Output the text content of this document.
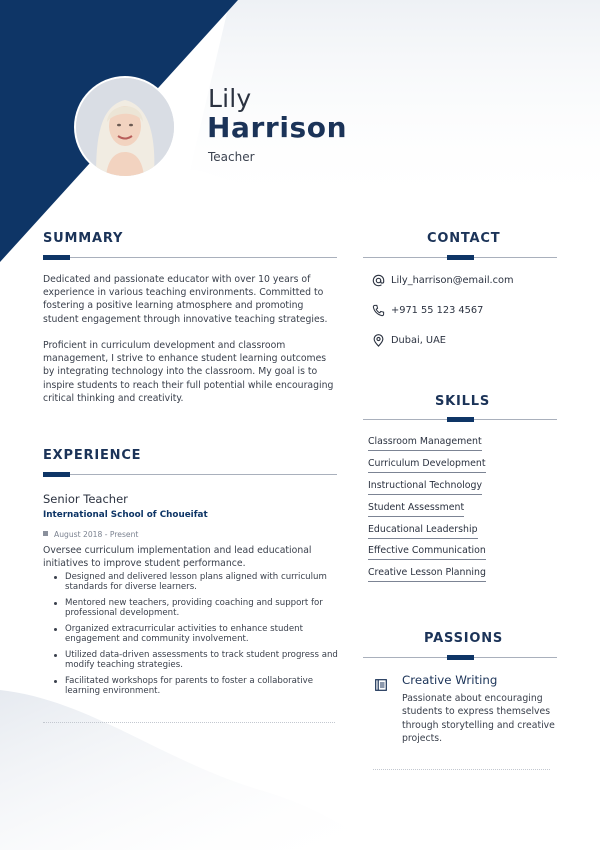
Lily
Harrison
Teacher
SUMMARY

Dedicated and passionate educator with over 10 years of experience in various teaching environments. Committed to fostering a positive learning atmosphere and promoting student engagement through innovative teaching strategies.

Proficient in curriculum development and classroom management, I strive to enhance student learning outcomes by integrating technology into the classroom. My goal is to inspire students to reach their full potential while encouraging critical thinking and creativity.

EXPERIENCE
Senior Teacher
International School of Choueifat
August 2018 - Present

Oversee curriculum implementation and lead educational initiatives to improve student performance.

Designed and delivered lesson plans aligned with curriculum standards for diverse learners.
Mentored new teachers, providing coaching and support for professional development.
Organized extracurricular activities to enhance student engagement and community involvement.
Utilized data-driven assessments to track student progress and modify teaching strategies.
Facilitated workshops for parents to foster a collaborative learning environment.
CONTACT
Lily_harrison@email.com
+971 55 123 4567
Dubai, UAE
SKILLS
Classroom Management
Curriculum Development
Instructional Technology
Student Assessment
Educational Leadership
Effective Communication
Creative Lesson Planning
PASSIONS
Creative Writing

Passionate about encouraging students to express themselves through storytelling and creative projects.
